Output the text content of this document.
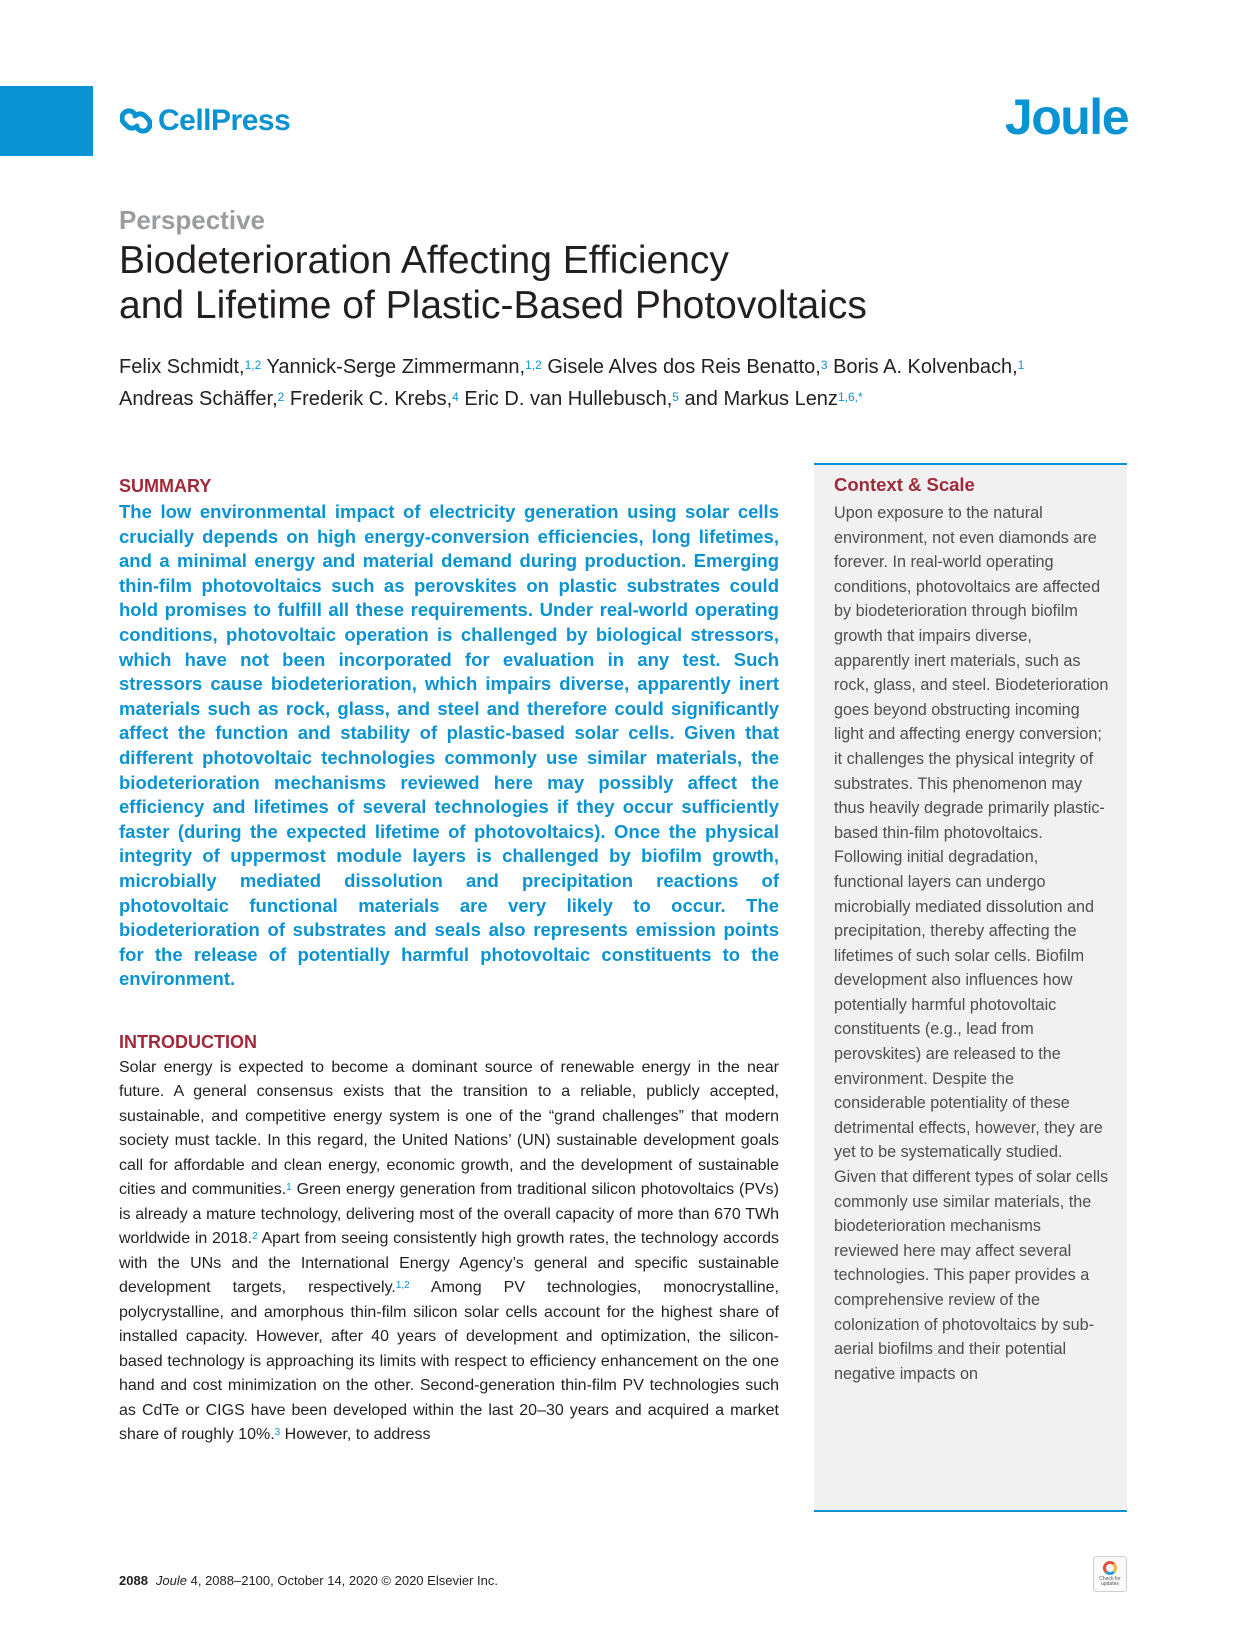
CellPress	Joule
Perspective
Biodeterioration Affecting Efficiency
and Lifetime of Plastic-Based Photovoltaics
Felix Schmidt,$^{1,2}$ Yannick-Serge Zimmermann,$^{1,2}$ Gisele Alves dos Reis Benatto,$^3$ Boris A. Kolvenbach,$^1$
Andreas Schäffer,$^2$ Frederik C. Krebs,$^4$ Eric D. van Hullebusch,$^5$ and Markus Lenz$^{1,6,*}$
SUMMARY

The low environmental impact of electricity generation using solar cells crucially depends on high energy-conversion efficiencies, long lifetimes, and a minimal energy and material demand during production. Emerging thin-film photovoltaics such as perovskites on plastic substrates could hold promises to fulfill all these requirements. Under real-world operating conditions, photovoltaic operation is challenged by biological stressors, which have not been incorporated for evaluation in any test. Such stressors cause biodeterioration, which impairs diverse, apparently inert materials such as rock, glass, and steel and therefore could significantly affect the function and stability of plastic-based solar cells. Given that different photovoltaic technologies commonly use similar materials, the biodeterioration mechanisms reviewed here may possibly affect the efficiency and lifetimes of several technologies if they occur sufficiently faster (during the expected lifetime of photovoltaics). Once the physical integrity of uppermost module layers is challenged by biofilm growth, microbially mediated dissolution and precipitation reactions of photovoltaic functional materials are very likely to occur. The biodeterioration of substrates and seals also represents emission points for the release of potentially harmful photovoltaic constituents to the environment.

INTRODUCTION

Solar energy is expected to become a dominant source of renewable energy in the near future. A general consensus exists that the transition to a reliable, publicly accepted, sustainable, and competitive energy system is one of the “grand challenges” that modern society must tackle. In this regard, the United Nations’ (UN) sustainable development goals call for affordable and clean energy, economic growth, and the development of sustainable cities and communities.$^1$ Green energy generation from traditional silicon photovoltaics (PVs) is already a mature technology, delivering most of the overall capacity of more than 670 TWh worldwide in 2018.$^2$ Apart from seeing consistently high growth rates, the technology accords with the UNs and the International Energy Agency’s general and specific sustainable development targets, respectively.$^{1,2}$ Among PV technologies, monocrystalline, polycrystalline, and amorphous thin-film silicon solar cells account for the highest share of installed capacity. However, after 40 years of development and optimization, the silicon-based technology is approaching its limits with respect to efficiency enhancement on the one hand and cost minimization on the other. Second-generation thin-film PV technologies such as CdTe or CIGS have been developed within the last 20–30 years and acquired a market share of roughly 10%.$^3$ However, to address

Context & Scale

Upon exposure to the natural environment, not even diamonds are forever. In real-world operating conditions, photovoltaics are affected by biodeterioration through biofilm growth that impairs diverse, apparently inert materials, such as rock, glass, and steel. Biodeterioration goes beyond obstructing incoming light and affecting energy conversion; it challenges the physical integrity of substrates. This phenomenon may thus heavily degrade primarily plastic-based thin-film photovoltaics. Following initial degradation, functional layers can undergo microbially mediated dissolution and precipitation, thereby affecting the lifetimes of such solar cells. Biofilm development also influences how potentially harmful photovoltaic constituents (e.g., lead from perovskites) are released to the environment. Despite the considerable potentiality of these detrimental effects, however, they are yet to be systematically studied. Given that different types of solar cells commonly use similar materials, the biodeterioration mechanisms reviewed here may affect several technologies. This paper provides a comprehensive review of the colonization of photovoltaics by sub-aerial biofilms and their potential negative impacts on

2088 Joule 4, 2088–2100, October 14, 2020 © 2020 Elsevier Inc.	Check for
updates
